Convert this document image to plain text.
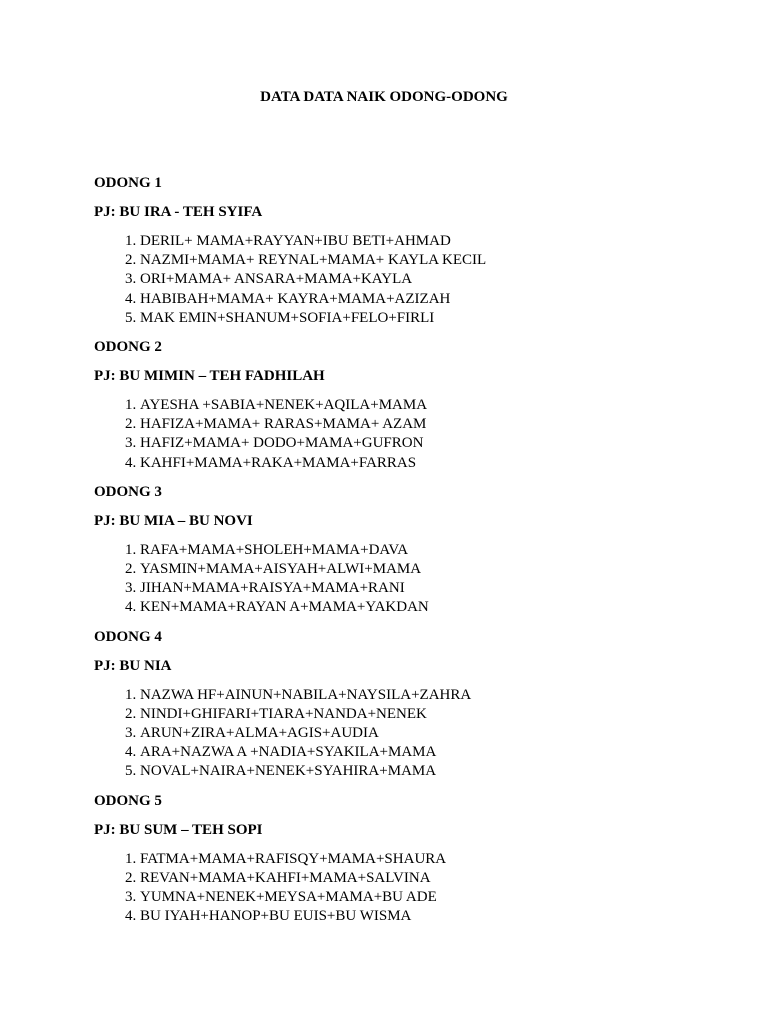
DATA DATA NAIK ODONG-ODONG

ODONG 1

PJ: BU IRA - TEH SYIFA

1. DERIL+ MAMA+RAYYAN+IBU BETI+AHMAD
2. NAZMI+MAMA+ REYNAL+MAMA+ KAYLA KECIL
3. ORI+MAMA+ ANSARA+MAMA+KAYLA
4. HABIBAH+MAMA+ KAYRA+MAMA+AZIZAH
5. MAK EMIN+SHANUM+SOFIA+FELO+FIRLI

ODONG 2

PJ: BU MIMIN – TEH FADHILAH

1. AYESHA +SABIA+NENEK+AQILA+MAMA
2. HAFIZA+MAMA+ RARAS+MAMA+ AZAM
3. HAFIZ+MAMA+ DODO+MAMA+GUFRON
4. KAHFI+MAMA+RAKA+MAMA+FARRAS

ODONG 3

PJ: BU MIA – BU NOVI

1. RAFA+MAMA+SHOLEH+MAMA+DAVA
2. YASMIN+MAMA+AISYAH+ALWI+MAMA
3. JIHAN+MAMA+RAISYA+MAMA+RANI
4. KEN+MAMA+RAYAN A+MAMA+YAKDAN

ODONG 4

PJ: BU NIA

1. NAZWA HF+AINUN+NABILA+NAYSILA+ZAHRA
2. NINDI+GHIFARI+TIARA+NANDA+NENEK
3. ARUN+ZIRA+ALMA+AGIS+AUDIA
4. ARA+NAZWA A +NADIA+SYAKILA+MAMA
5. NOVAL+NAIRA+NENEK+SYAHIRA+MAMA

ODONG 5

PJ: BU SUM – TEH SOPI

1. FATMA+MAMA+RAFISQY+MAMA+SHAURA
2. REVAN+MAMA+KAHFI+MAMA+SALVINA
3. YUMNA+NENEK+MEYSA+MAMA+BU ADE
4. BU IYAH+HANOP+BU EUIS+BU WISMA
